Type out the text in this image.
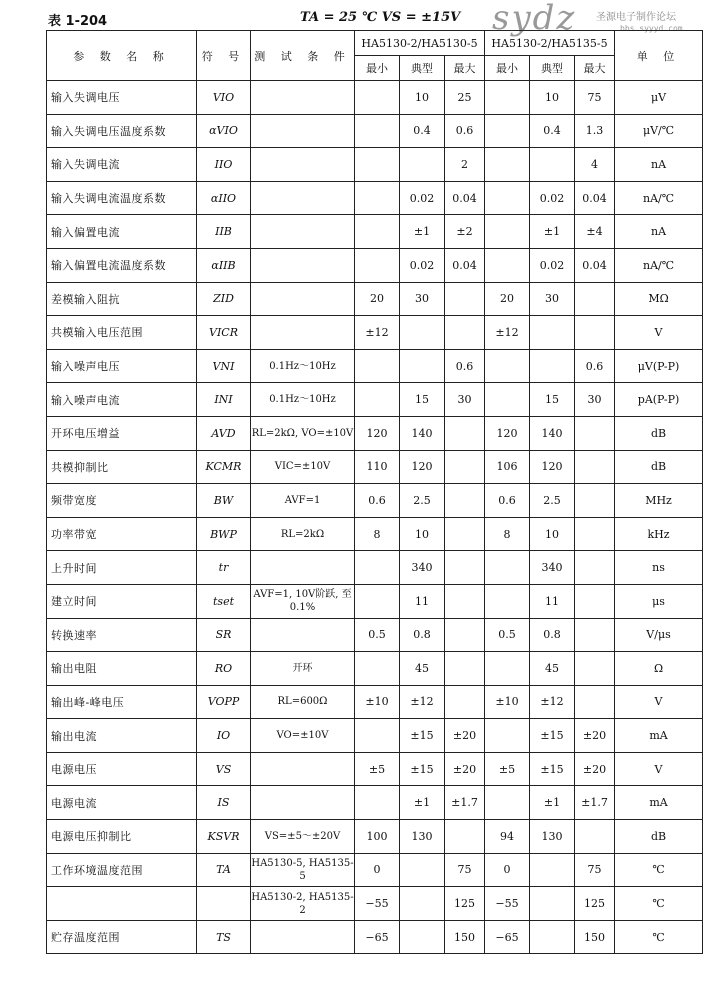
表 1-204	TA = 25 ℃ VS = ±15V sydz 圣源电子制作论坛
bbs.syyyd.com
参 数 名 称	符 号	测 试 条 件	HA5130-2/HA5130-5			HA5130-2/HA5135-5			单 位
			最小	典型	最大	最小	典型	最大	
输入失调电压	VIO			10	25		10	75	μV
输入失调电压温度系数	αVIO			0.4	0.6		0.4	1.3	μV/℃
输入失调电流	IIO				2			4	nA
输入失调电流温度系数	αIIO			0.02	0.04		0.02	0.04	nA/℃
输入偏置电流	IIB			±1	±2		±1	±4	nA
输入偏置电流温度系数	αIIB			0.02	0.04		0.02	0.04	nA/℃
差模输入阻抗	ZID		20	30		20	30		MΩ
共模输入电压范围	VICR		±12			±12			V
输入噪声电压	VNI	0.1Hz～10Hz			0.6			0.6	μV(P-P)
输入噪声电流	INI	0.1Hz～10Hz		15	30		15	30	pA(P-P)
开环电压增益	AVD	RL=2kΩ, VO=±10V	120	140		120	140		dB
共模抑制比	KCMR	VIC=±10V	110	120		106	120		dB
频带宽度	BW	AVF=1	0.6	2.5		0.6	2.5		MHz
功率带宽	BWP	RL=2kΩ	8	10		8	10		kHz
上升时间	tr			340			340		ns
建立时间	tset	AVF=1, 10V阶跃, 至0.1%		11			11		μs
转换速率	SR		0.5	0.8		0.5	0.8		V/μs
输出电阻	RO	开环		45			45		Ω
输出峰-峰电压	VOPP	RL=600Ω	±10	±12		±10	±12		V
输出电流	IO	VO=±10V		±15	±20		±15	±20	mA
电源电压	VS		±5	±15	±20	±5	±15	±20	V
电源电流	IS			±1	±1.7		±1	±1.7	mA
电源电压抑制比	KSVR	VS=±5～±20V	100	130		94	130		dB
工作环境温度范围	TA	HA5130-5, HA5135-5	0		75	0		75	℃
		HA5130-2, HA5135-2	−55		125	−55		125	℃
贮存温度范围	TS		−65		150	−65		150	℃
